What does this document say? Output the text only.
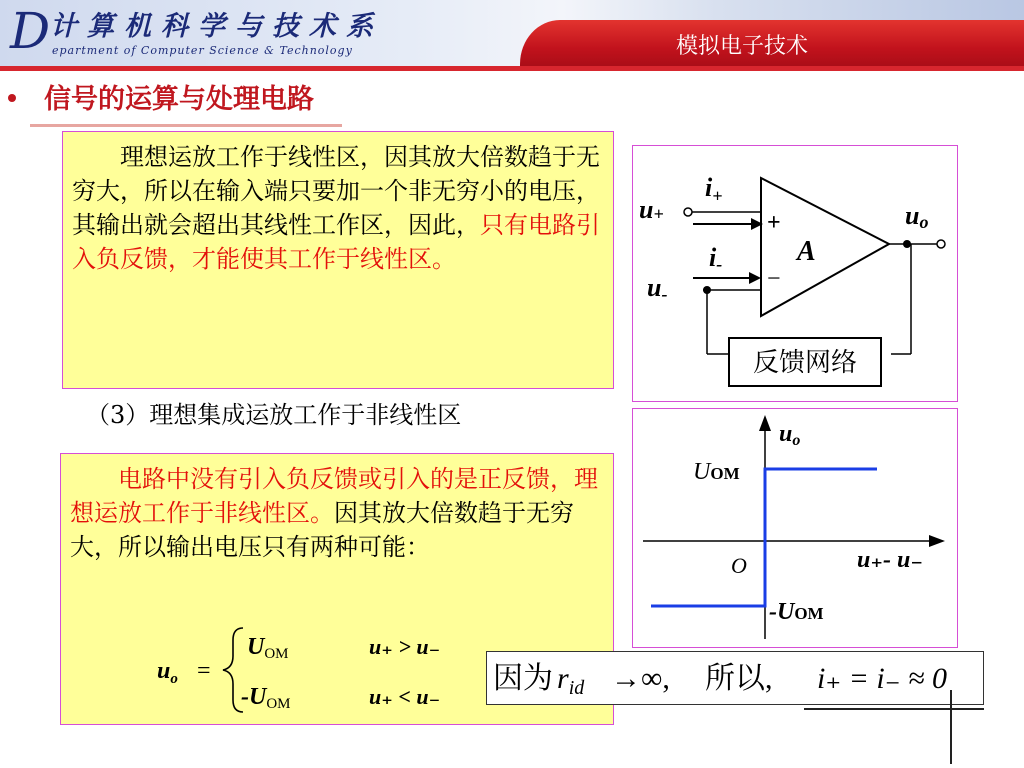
D 计算机科学与技术系
epartment of Computer Science & Technology	模拟电子技术
信号的运算与处理电路
　　理想运放工作于线性区，因其放大倍数趋于无穷大，所以在输入端只要加一个非无穷小的电压，其输出就会超出其线性工作区，因此，只有电路引入负反馈，才能使其工作于线性区。
（3）理想集成运放工作于非线性区
　　电路中没有引入负反馈或引入的是正反馈，理想运放工作于非线性区。因其放大倍数趋于无穷大，所以输出电压只有两种可能：
$u_o$ =
UOM	u₊ > u₋
-UOM	u₊ < u₋
+
−
A
反馈网络
$i_+$
u+
i-
u-
uo
uo
UOM
O	u₊- u₋
-UOM
因为 $r_{id}$ →∞, 所以, i₊ = i₋ ≈ 0
